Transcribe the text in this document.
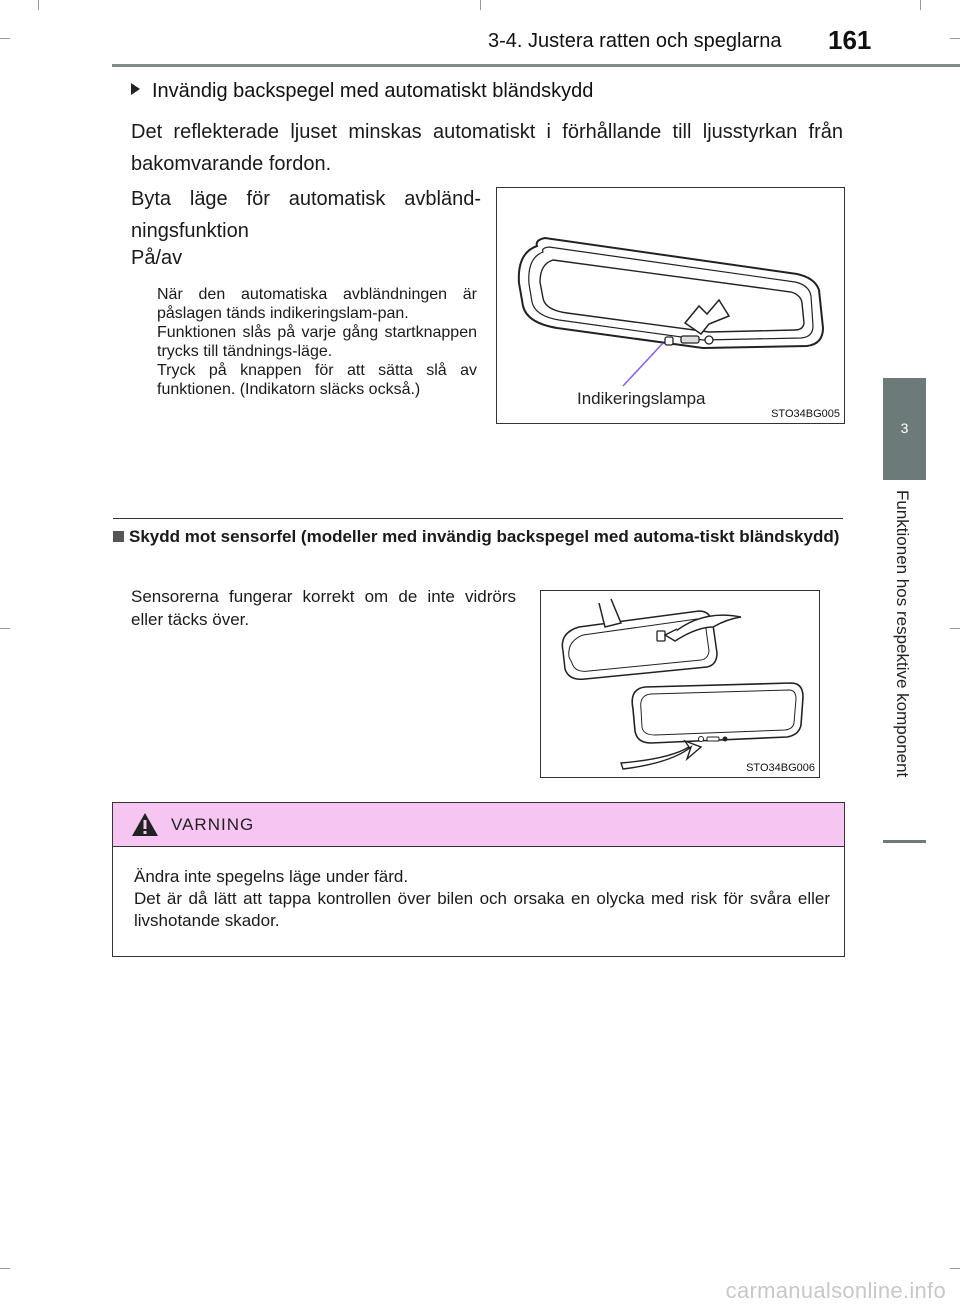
3-4. Justera ratten och speglarna 161
3
Funktionen hos respektive komponent
Invändig backspegel med automatiskt bländskydd
Det reflekterade ljuset minskas automatiskt i förhållande till ljusstyrkan från bakomvarande fordon.
Byta läge för automatisk avbländ-ningsfunktion
På/av

När den automatiska avbländningen är påslagen tänds indikeringslam-pan.

Funktionen slås på varje gång startknappen trycks till tändnings-läge.

Tryck på knappen för att sätta slå av funktionen. (Indikatorn släcks också.)	Indikeringslampa
STO34BG005
Skydd mot sensorfel (modeller med invändig backspegel med automa-tiskt bländskydd)
Sensorerna fungerar korrekt om de inte vidrörs eller täcks över.
STO34BG006
VARNING

Ändra inte spegelns läge under färd.

Det är då lätt att tappa kontrollen över bilen och orsaka en olycka med risk för svåra eller livshotande skador.

carmanualsonline.info
